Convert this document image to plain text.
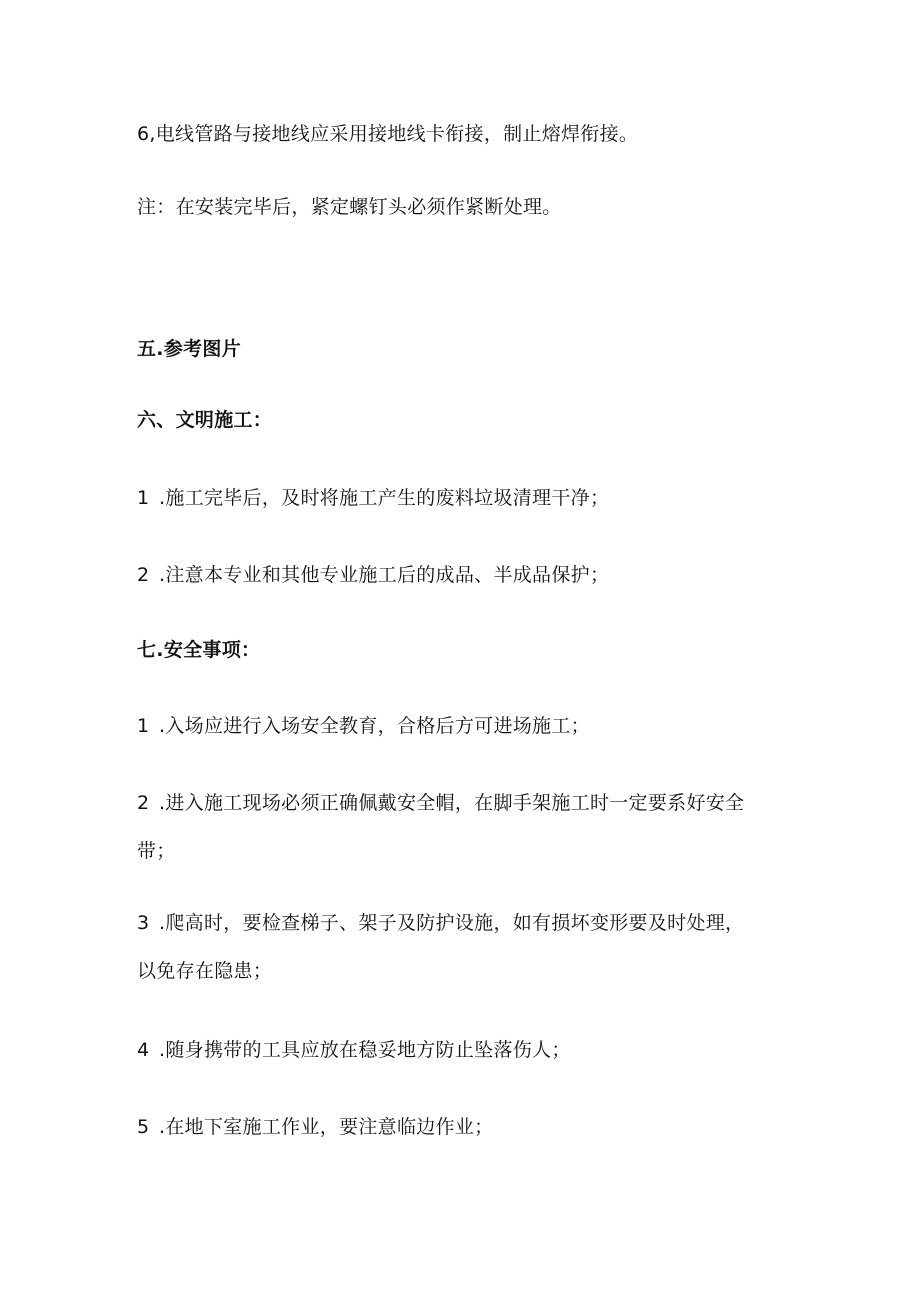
6,电线管路与接地线应采用接地线卡衔接，制止熔焊衔接。
注：在安装完毕后，紧定螺钉头必须作紧断处理。
五.参考图片
六、文明施工：
1 .施工完毕后，及时将施工产生的废料垃圾清理干净；
2 .注意本专业和其他专业施工后的成品、半成品保护；
七.安全事项：
1 .入场应进行入场安全教育，合格后方可进场施工；
2 .进入施工现场必须正确佩戴安全帽，在脚手架施工时一定要系好安全
带；
3 .爬高时，要检查梯子、架子及防护设施，如有损坏变形要及时处理，
以免存在隐患；
4 .随身携带的工具应放在稳妥地方防止坠落伤人；
5 .在地下室施工作业，要注意临边作业；
